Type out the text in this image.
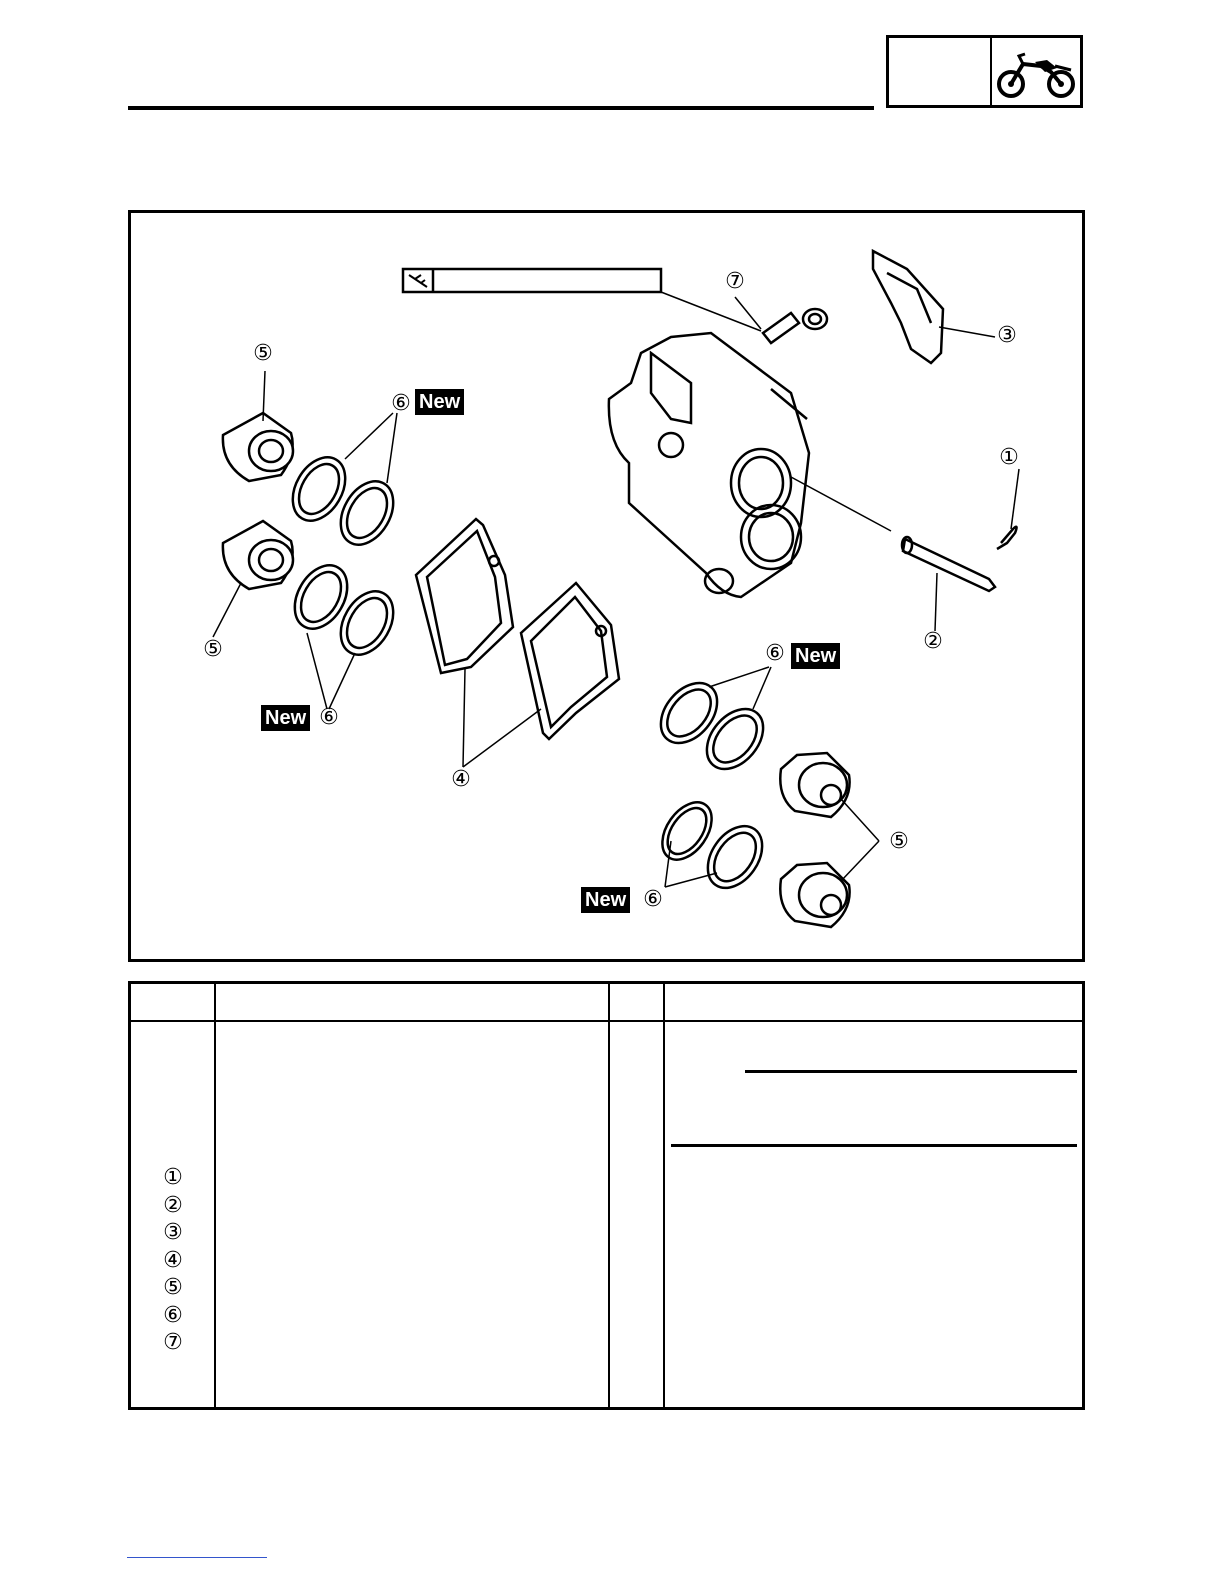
⑤
⑥ New
⑤
New ⑥
④
⑦
③
①
②
⑥ New
⑤
New ⑥
①
②
③
④
⑤
⑥
⑦
